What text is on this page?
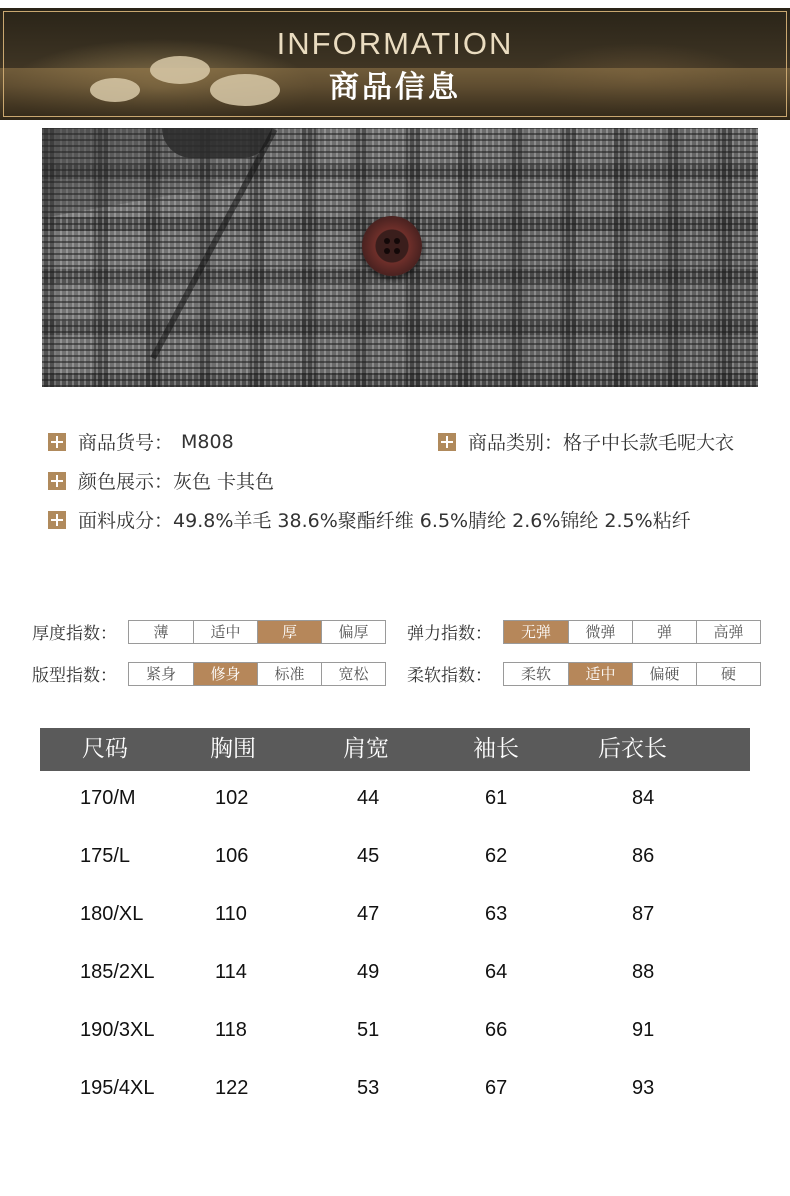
INFORMATION
商品信息
商品货号： M808	商品类别： 格子中长款毛呢大衣
颜色展示： 灰色 卡其色
面料成分： 49.8%羊毛 38.6%聚酯纤维 6.5%腈纶 2.6%锦纶 2.5%粘纤
厚度指数：	薄	适中	厚	偏厚	弹力指数：	无弹	微弹	弹	高弹
版型指数：	紧身	修身	标准	宽松	柔软指数：	柔软	适中	偏硬	硬
尺码	胸围	肩宽	袖长	后衣长
170/M	102	44	61	84
175/L	106	45	62	86
180/XL	110	47	63	87
185/2XL	114	49	64	88
190/3XL	118	51	66	91
195/4XL	122	53	67	93
